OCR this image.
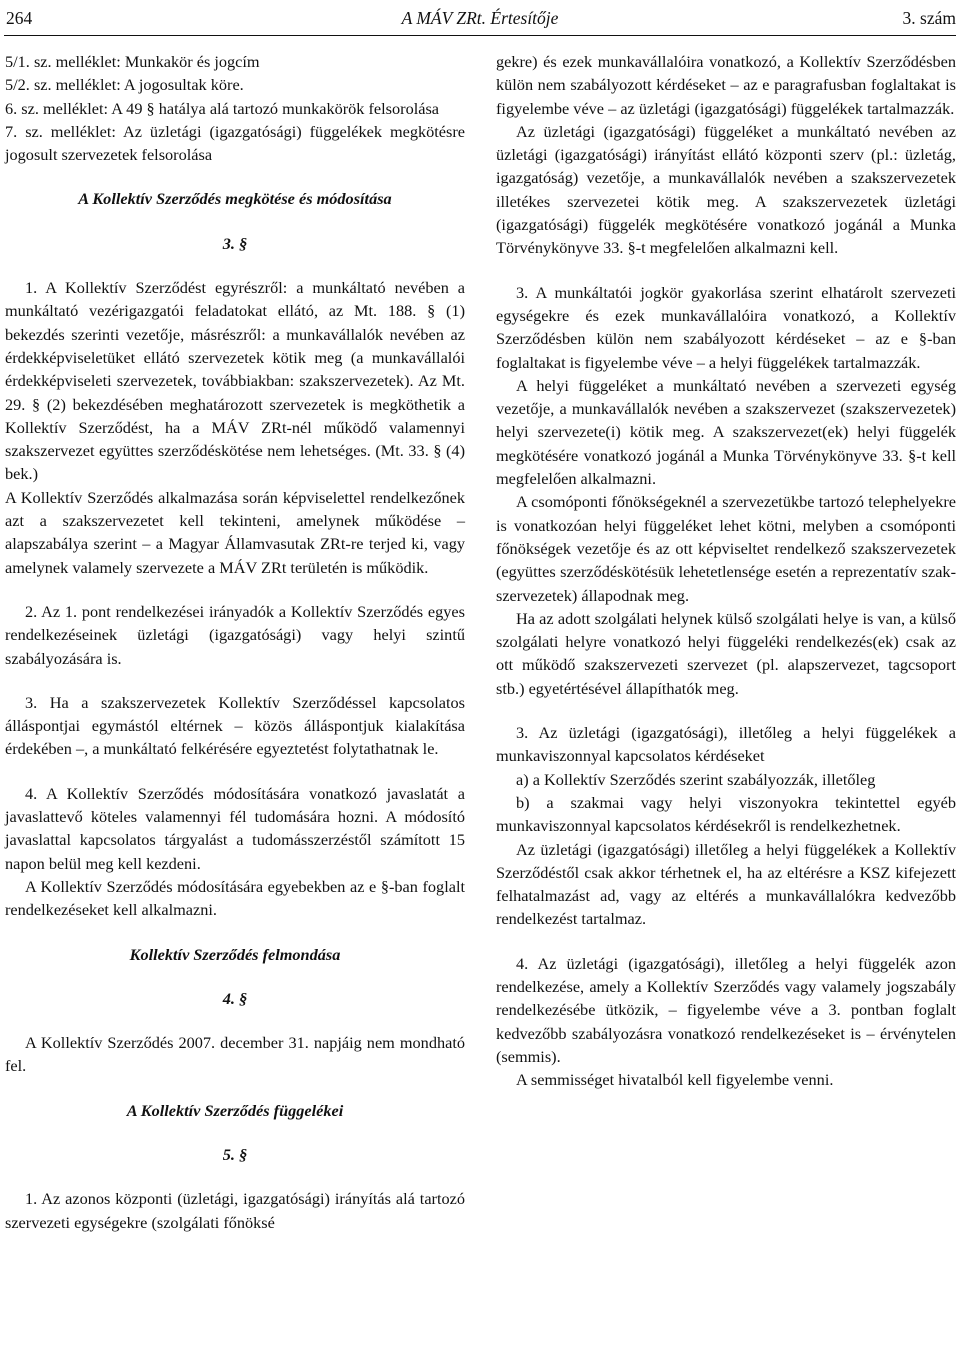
264	A MÁV ZRt. Értesítője	3. szám

5/1. sz. melléklet: Munkakör és jogcím

5/2. sz. melléklet: A jogosultak köre.

6. sz. melléklet: A 49 § hatálya alá tartozó munkakörök felsorolása

7. sz. melléklet: Az üzletági (igazgatósági) függelékek megkötésre jogosult szervezetek felsorolása

A Kollektív Szerződés megkötése és módosítása

3. §

1. A Kollektív Szerződést egyrészről: a munkáltató nevében a munkáltató vezérigazgatói feladatokat ellátó, az Mt. 188. § (1) bekezdés szerinti vezetője, másrészről: a munkavállalók nevében az érdekképviseletüket ellátó szervezetek kötik meg (a munkavállalói érdekképviseleti szervezetek, továbbiakban: szakszervezetek). Az Mt. 29. § (2) bekezdésében meghatározott szervezetek is megköthetik a Kollektív Szerződést, ha a MÁV ZRt-nél működő valamennyi szakszervezet együttes szerződéskötése nem lehetséges. (Mt. 33. § (4) bek.)

A Kollektív Szerződés alkalmazása során képviselettel rendelkezőnek azt a szakszervezetet kell tekinteni, amelynek működése – alapszabálya szerint – a Magyar Államvasutak ZRt-re terjed ki, vagy amelynek valamely szervezete a MÁV ZRt területén is működik.

2. Az 1. pont rendelkezései irányadók a Kollektív Szerződés egyes rendelkezéseinek üzletági (igazgatósági) vagy helyi szintű szabályozására is.

3. Ha a szakszervezetek Kollektív Szerződéssel kapcsolatos álláspontjai egymástól eltérnek – közös álláspontjuk kialakítása érdekében –, a munkáltató felkérésére egyeztetést folytathatnak le.

4. A Kollektív Szerződés módosítására vonatkozó javaslatát a javaslattevő köteles valamennyi fél tudomására hozni. A módosító javaslattal kapcsolatos tárgyalást a tudomásszerzéstől számított 15 napon belül meg kell kezdeni.

A Kollektív Szerződés módosítására egyebekben az e §-ban foglalt rendelkezéseket kell alkalmazni.

Kollektív Szerződés felmondása

4. §

A Kollektív Szerződés 2007. december 31. napjáig nem mondható fel.

A Kollektív Szerződés függelékei

5. §

1. Az azonos központi (üzletági, igazgatósági) irányítás alá tartozó szervezeti egységekre (szolgálati főnöksé

gekre) és ezek munkavállalóira vonatkozó, a Kollektív Szerződésben külön nem szabályozott kérdéseket – az e paragrafusban foglaltakat is figyelembe véve – az üzletági (igazgatósági) függelékek tartalmazzák.

Az üzletági (igazgatósági) függeléket a munkáltató nevében az üzletági (igazgatósági) irányítást ellátó központi szerv (pl.: üzletág, igazgatóság) vezetője, a munkavállalók nevében a szakszervezetek illetékes szervezetei kötik meg. A szakszervezetek üzletági (igazgatósági) függelék megkötésére vonatkozó jogánál a Munka Törvénykönyve 33. §-t megfelelően alkalmazni kell.

3. A munkáltatói jogkör gyakorlása szerint elhatárolt szervezeti egységekre és ezek munkavállalóira vonatkozó, a Kollektív Szerződésben külön nem szabályozott kérdéseket – az e §-ban foglaltakat is figyelembe véve – a helyi függelékek tartalmazzák.

A helyi függeléket a munkáltató nevében a szervezeti egység vezetője, a munkavállalók nevében a szakszervezet (szakszervezetek) helyi szervezete(i) kötik meg. A szakszervezet(ek) helyi függelék megkötésére vonatkozó jogánál a Munka Törvénykönyve 33. §-t kell megfelelően alkalmazni.

A csomóponti főnökségeknél a szervezetükbe tartozó telephelyekre is vonatkozóan helyi függeléket lehet kötni, melyben a csomóponti főnökségek vezetője és az ott képviseltet rendelkező szakszervezetek (együttes szerződéskötésük lehetetlensége esetén a reprezentatív szakszervezetek) állapodnak meg.

Ha az adott szolgálati helynek külső szolgálati helye is van, a külső szolgálati helyre vonatkozó helyi függeléki rendelkezés(ek) csak az ott működő szakszervezeti szervezet (pl. alapszervezet, tagcsoport stb.) egyetértésével állapíthatók meg.

3. Az üzletági (igazgatósági), illetőleg a helyi függelékek a munkaviszonnyal kapcsolatos kérdéseket

a) a Kollektív Szerződés szerint szabályozzák, illetőleg

b) a szakmai vagy helyi viszonyokra tekintettel egyéb munkaviszonnyal kapcsolatos kérdésekről is rendelkezhetnek.

Az üzletági (igazgatósági) illetőleg a helyi függelékek a Kollektív Szerződéstől csak akkor térhetnek el, ha az eltérésre a KSZ kifejezett felhatalmazást ad, vagy az eltérés a munkavállalókra kedvezőbb rendelkezést tartalmaz.

4. Az üzletági (igazgatósági), illetőleg a helyi függelék azon rendelkezése, amely a Kollektív Szerződés vagy valamely jogszabály rendelkezésébe ütközik, – figyelembe véve a 3. pontban foglalt kedvezőbb szabályozásra vonatkozó rendelkezéseket is – érvénytelen (semmis).

A semmisséget hivatalból kell figyelembe venni.
